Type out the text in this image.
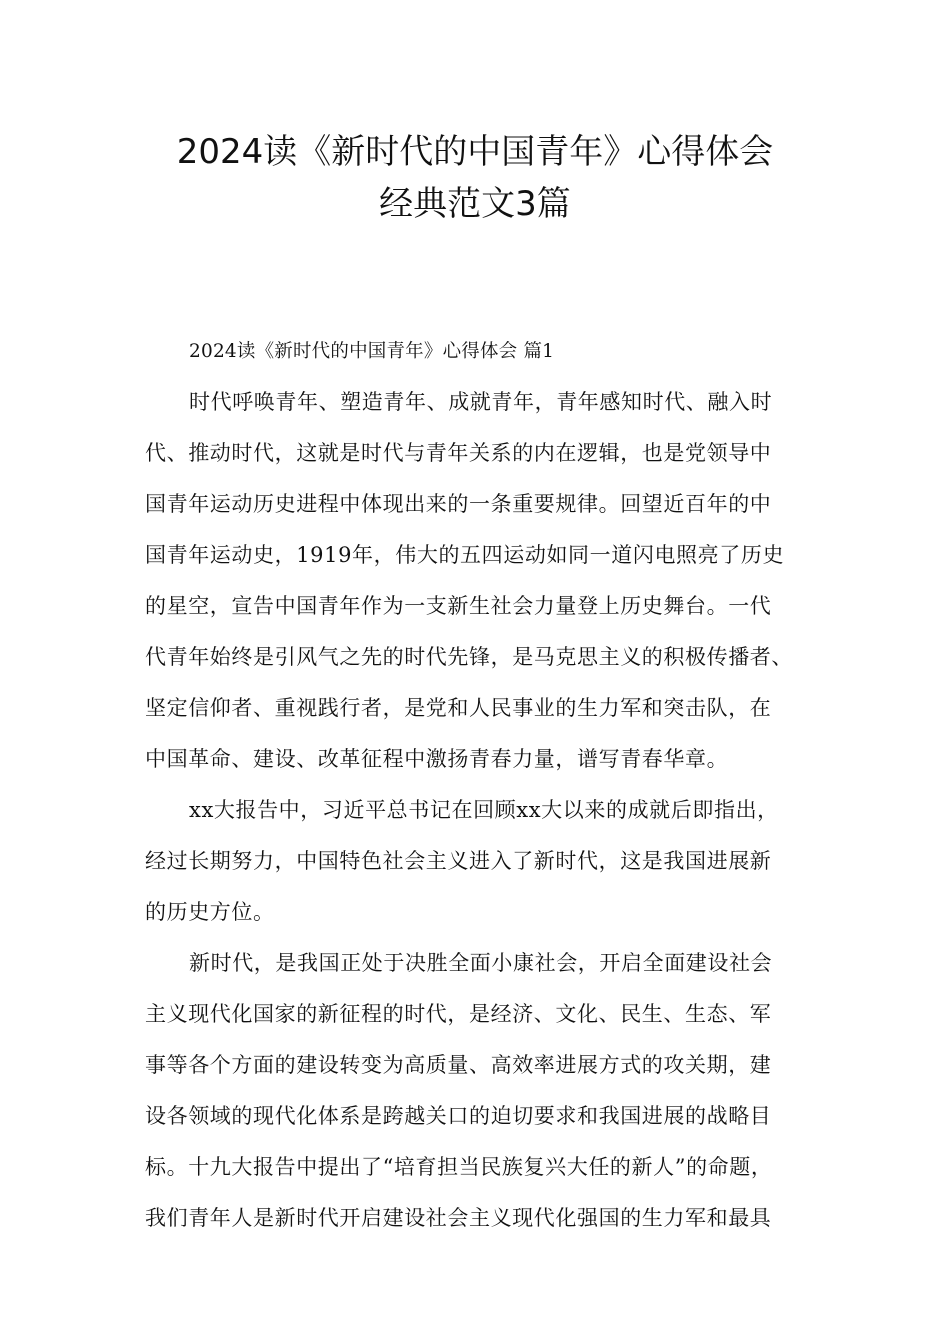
2024读《新时代的中国青年》心得体会
经典范文3篇
2024读《新时代的中国青年》心得体会 篇1
时代呼唤青年、塑造青年、成就青年，青年感知时代、融入时
代、推动时代，这就是时代与青年关系的内在逻辑，也是党领导中
国青年运动历史进程中体现出来的一条重要规律。回望近百年的中
国青年运动史，1919年，伟大的五四运动如同一道闪电照亮了历史
的星空，宣告中国青年作为一支新生社会力量登上历史舞台。一代
代青年始终是引风气之先的时代先锋，是马克思主义的积极传播者、
坚定信仰者、重视践行者，是党和人民事业的生力军和突击队，在
中国革命、建设、改革征程中激扬青春力量，谱写青春华章。
xx大报告中，习近平总书记在回顾xx大以来的成就后即指出，
经过长期努力，中国特色社会主义进入了新时代，这是我国进展新
的历史方位。
新时代，是我国正处于决胜全面小康社会，开启全面建设社会
主义现代化国家的新征程的时代，是经济、文化、民生、生态、军
事等各个方面的建设转变为高质量、高效率进展方式的攻关期，建
设各领域的现代化体系是跨越关口的迫切要求和我国进展的战略目
标。十九大报告中提出了“培育担当民族复兴大任的新人”的命题，
我们青年人是新时代开启建设社会主义现代化强国的生力军和最具
